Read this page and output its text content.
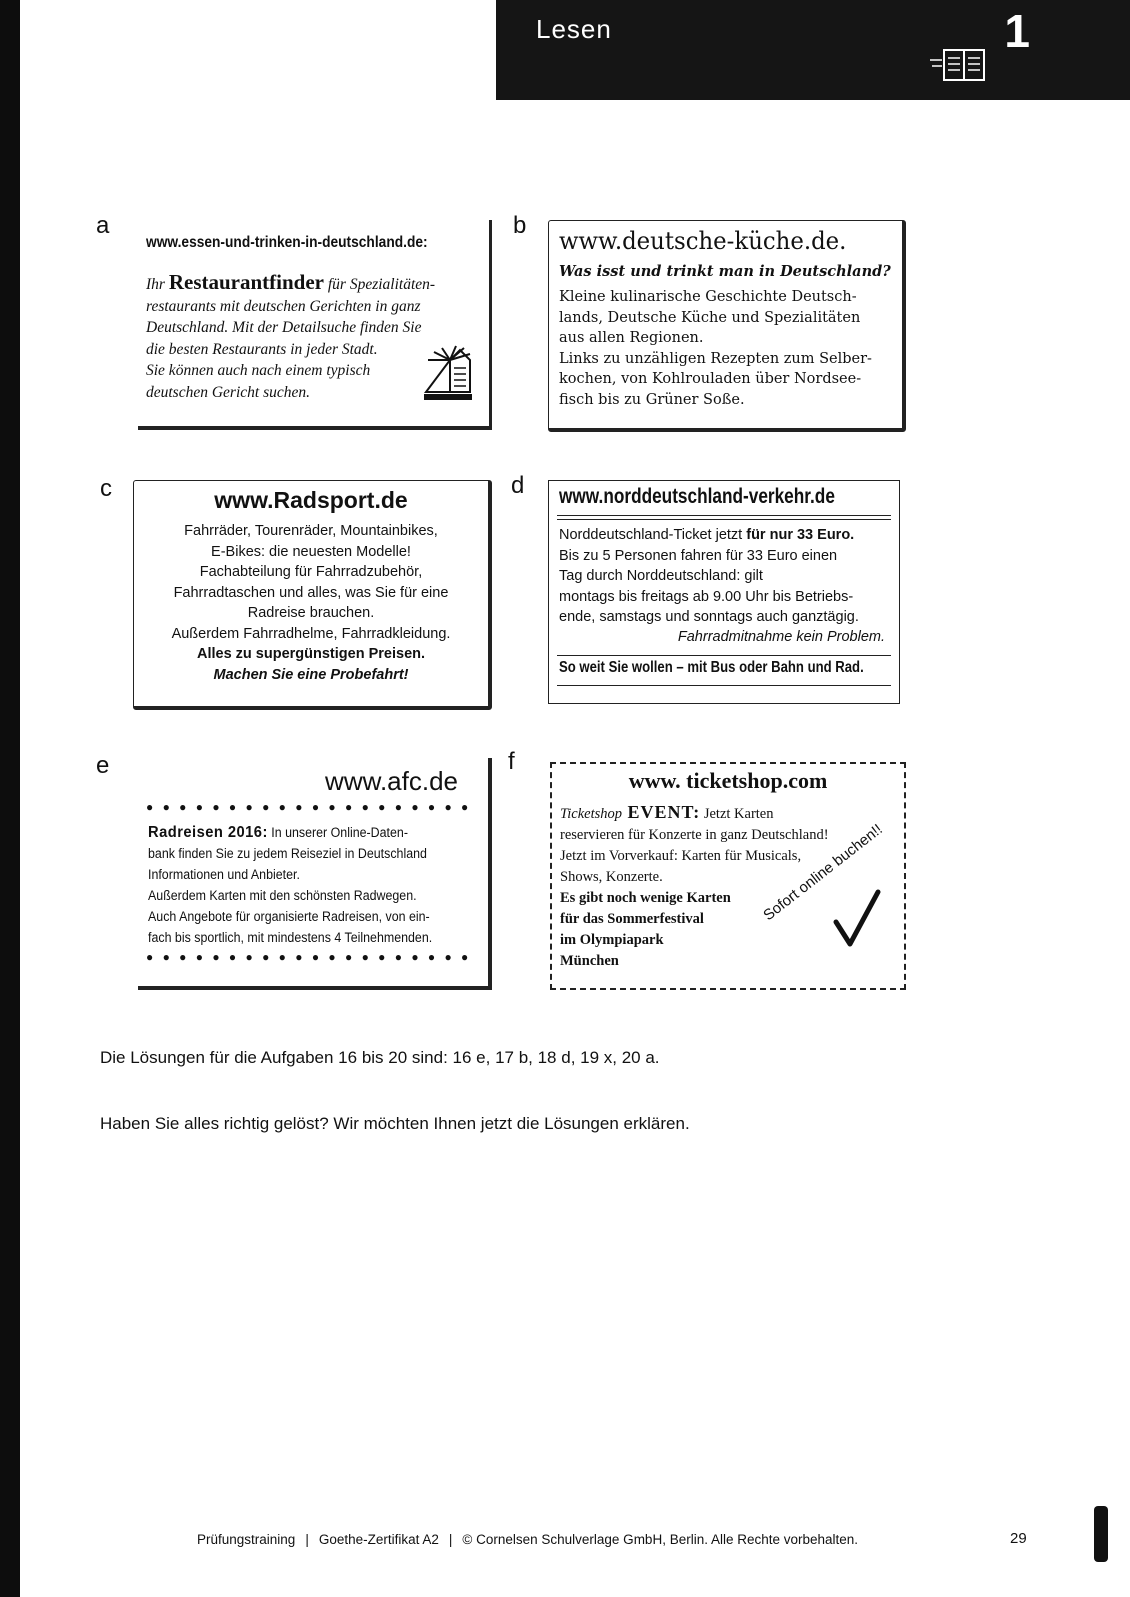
Lesen	1
a
www.essen-und-trinken-in-deutschland.de:
Ihr Restaurantfinder für Spezialitäten-
restaurants mit deutschen Gerichten in ganz
Deutschland. Mit der Detailsuche finden Sie
die besten Restaurants in jeder Stadt.
Sie können auch nach einem typisch
deutschen Gericht suchen.
b
www.deutsche-küche.de.
Was isst und trinkt man in Deutschland?
Kleine kulinarische Geschichte Deutsch-
lands, Deutsche Küche und Spezialitäten
aus allen Regionen.
Links zu unzähligen Rezepten zum Selber-
kochen, von Kohlrouladen über Nordsee-
fisch bis zu Grüner Soße.
c	www.Radsport.de
Fahrräder, Tourenräder, Mountainbikes,
E-Bikes: die neuesten Modelle!
Fachabteilung für Fahrradzubehör,
Fahrradtaschen und alles, was Sie für eine
Radreise brauchen.
Außerdem Fahrradhelme, Fahrradkleidung.
Alles zu supergünstigen Preisen.
Machen Sie eine Probefahrt!
d www.norddeutschland-verkehr.de
Norddeutschland-Ticket jetzt für nur 33 Euro.
Bis zu 5 Personen fahren für 33 Euro einen
Tag durch Norddeutschland: gilt
montags bis freitags ab 9.00 Uhr bis Betriebs-
ende, samstags und sonntags auch ganztägig.
Fahrradmitnahme kein Problem.
So weit Sie wollen – mit Bus oder Bahn und Rad.
e
www.afc.de
● ● ● ● ● ● ● ● ● ● ● ● ● ● ● ● ● ● ● ●
Radreisen 2016: In unserer Online-Daten-
bank finden Sie zu jedem Reiseziel in Deutschland
Informationen und Anbieter.
Außerdem Karten mit den schönsten Radwegen.
Auch Angebote für organisierte Radreisen, von ein-
fach bis sportlich, mit mindestens 4 Teilnehmenden.
● ● ● ● ● ● ● ● ● ● ● ● ● ● ● ● ● ● ● ●
f
www. ticketshop.com
Ticketshop EVENT: Jetzt Karten
reservieren für Konzerte in ganz Deutschland!
Jetzt im Vorverkauf: Karten für Musicals,
Shows, Konzerte.
Es gibt noch wenige Karten
für das Sommerfestival
im Olympiapark
München
Sofort online buchen!!
Die Lösungen für die Aufgaben 16 bis 20 sind: 16 e, 17 b, 18 d, 19 x, 20 a.
Haben Sie alles richtig gelöst? Wir möchten Ihnen jetzt die Lösungen erklären.
Prüfungstraining | Goethe-Zertifikat A2 | © Cornelsen Schulverlage GmbH, Berlin. Alle Rechte vorbehalten.	29
